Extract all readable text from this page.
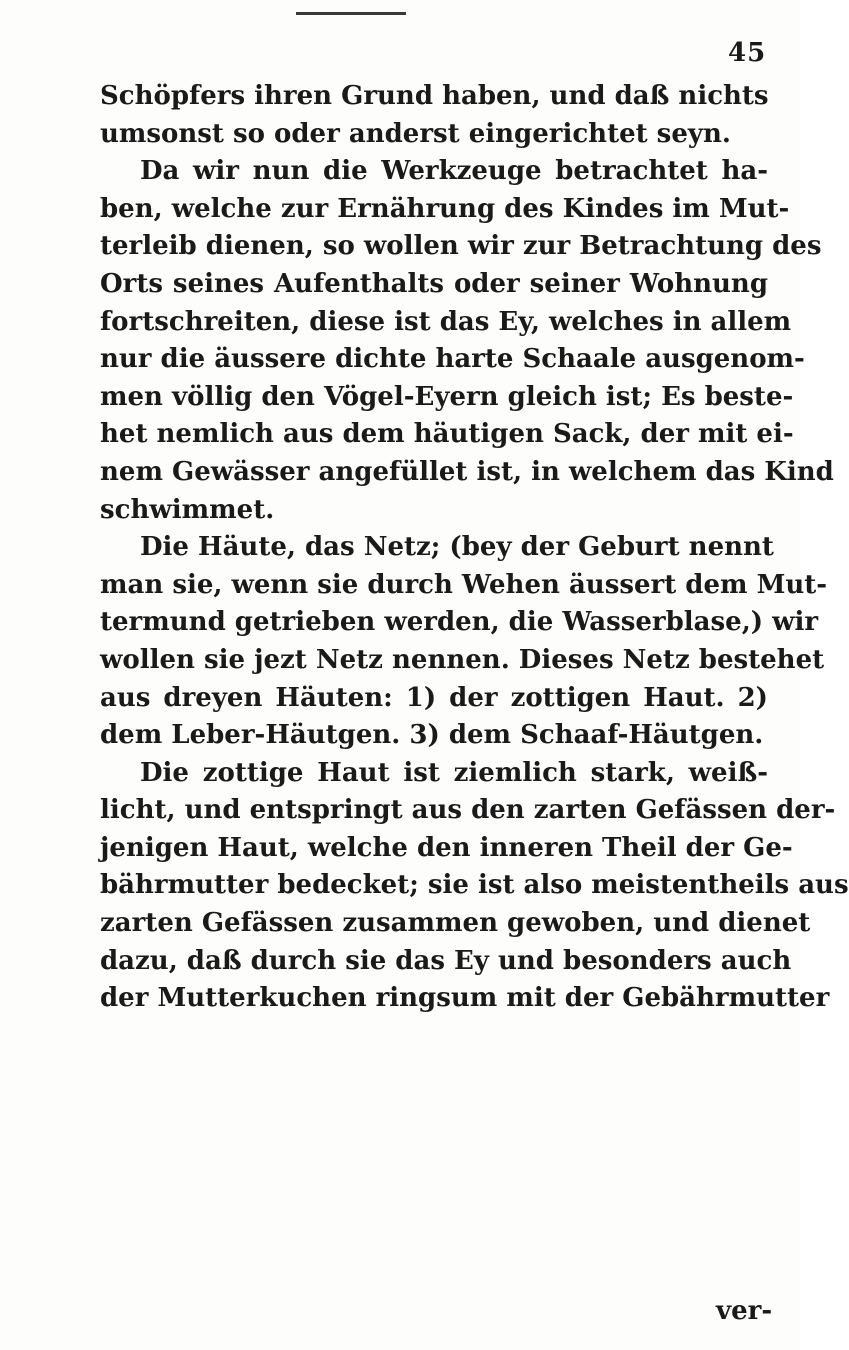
45
Schöpfers ihren Grund haben, und daß nichts
umsonst so oder anderst eingerichtet seyn.
Da wir nun die Werkzeuge betrachtet ha-
ben, welche zur Ernährung des Kindes im Mut-
terleib dienen, so wollen wir zur Betrachtung des
Orts seines Aufenthalts oder seiner Wohnung
fortschreiten, diese ist das Ey, welches in allem
nur die äussere dichte harte Schaale ausgenom-
men völlig den Vögel-Eyern gleich ist; Es beste-
het nemlich aus dem häutigen Sack, der mit ei-
nem Gewässer angefüllet ist, in welchem das Kind
schwimmet.
Die Häute, das Netz; (bey der Geburt nennt
man sie, wenn sie durch Wehen äussert dem Mut-
termund getrieben werden, die Wasserblase,) wir
wollen sie jezt Netz nennen. Dieses Netz bestehet
aus dreyen Häuten: 1) der zottigen Haut. 2)
dem Leber-Häutgen. 3) dem Schaaf-Häutgen.
Die zottige Haut ist ziemlich stark, weiß-
licht, und entspringt aus den zarten Gefässen der-
jenigen Haut, welche den inneren Theil der Ge-
bährmutter bedecket; sie ist also meistentheils aus
zarten Gefässen zusammen gewoben, und dienet
dazu, daß durch sie das Ey und besonders auch
der Mutterkuchen ringsum mit der Gebährmutter
ver-
